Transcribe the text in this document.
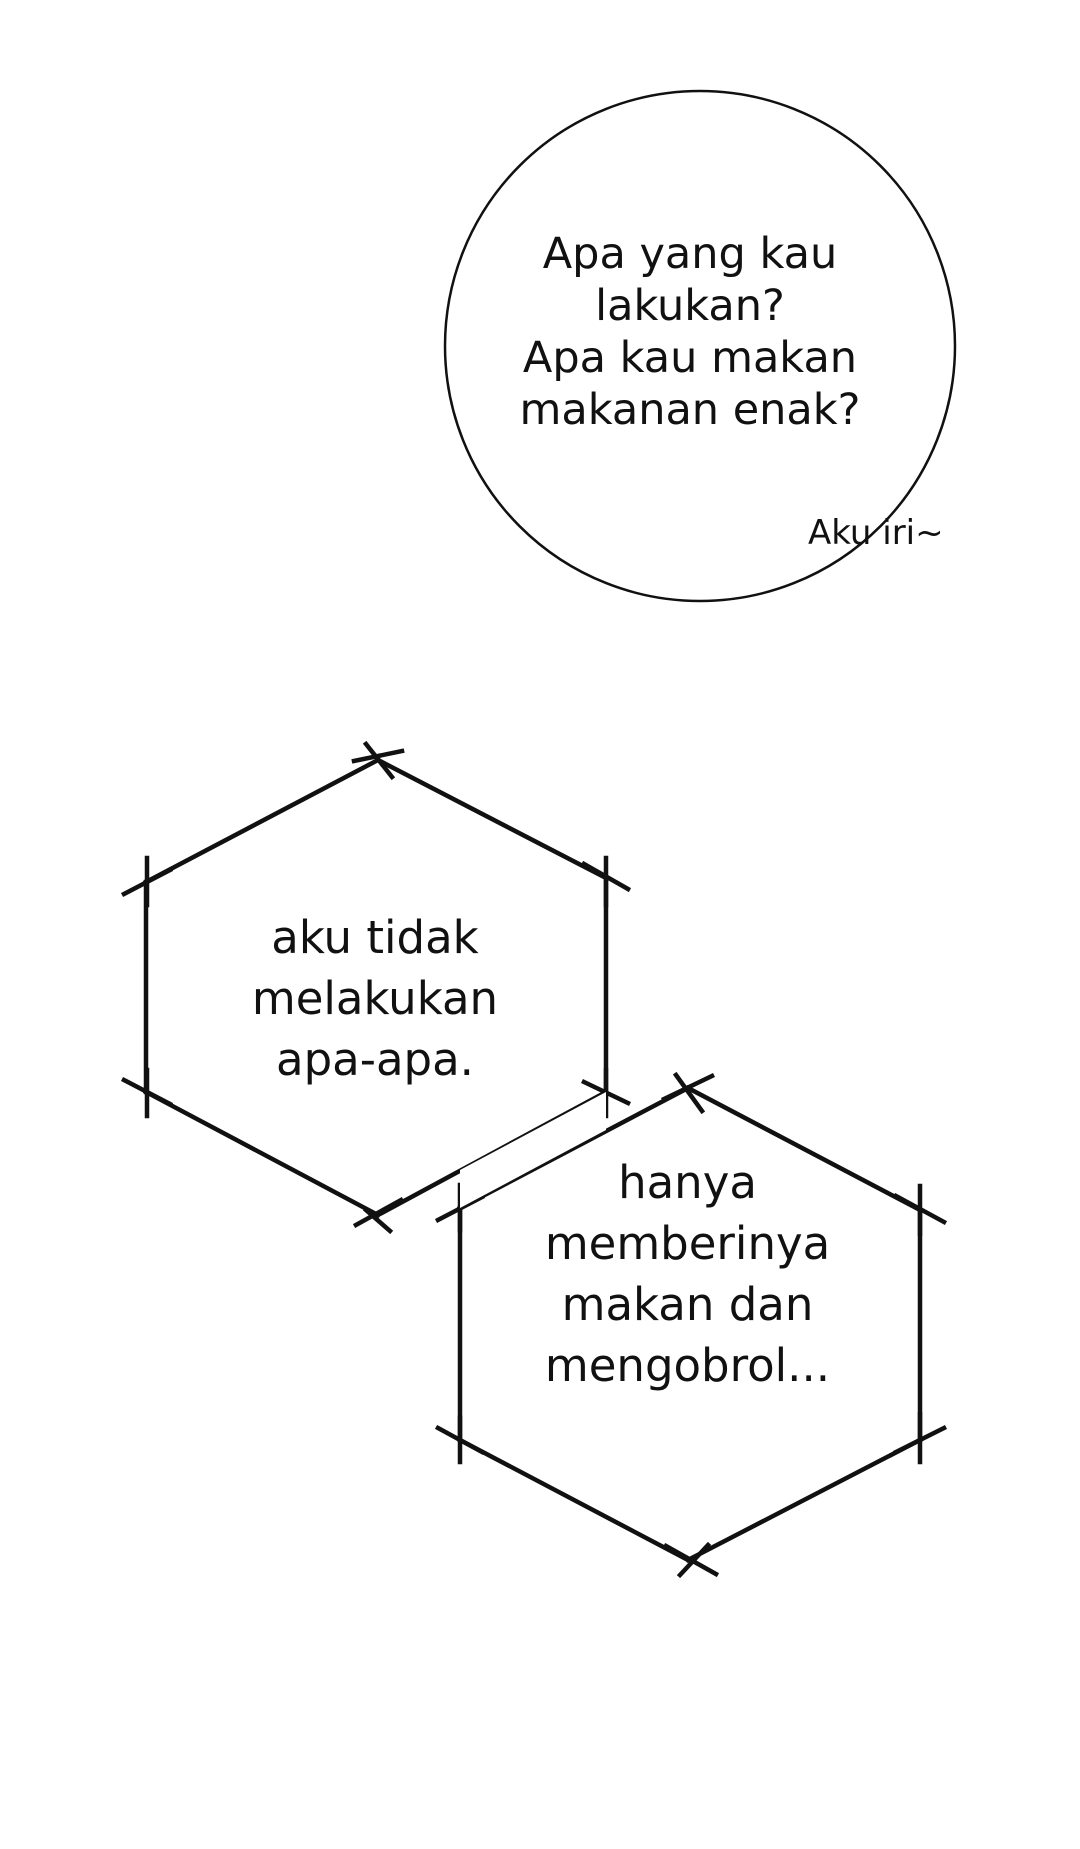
Apa yang kau
lakukan?
Apa kau makan
makanan enak?
Aku iri~
aku tidak
melakukan
apa-apa.
hanya
memberinya
makan dan
mengobrol...
